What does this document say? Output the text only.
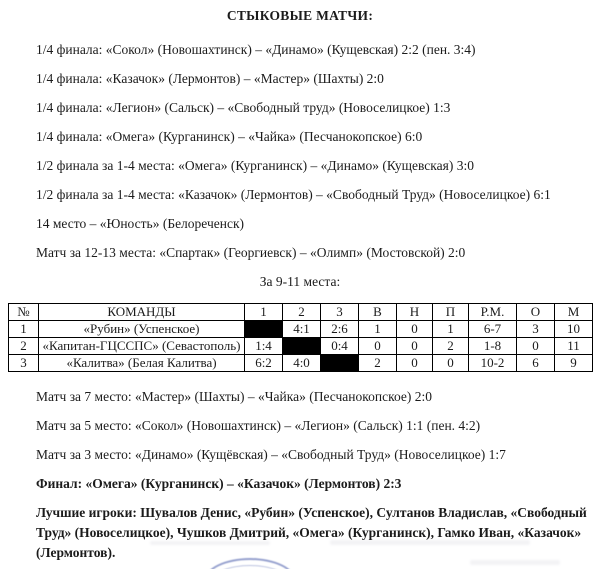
СТЫКОВЫЕ МАТЧИ:

1/4 финала: «Сокол» (Новошахтинск) – «Динамо» (Кущевская) 2:2 (пен. 3:4)

1/4 финала: «Казачок» (Лермонтов) – «Мастер» (Шахты) 2:0

1/4 финала: «Легион» (Сальск) – «Свободный труд» (Новоселицкое) 1:3

1/4 финала: «Омега» (Курганинск) – «Чайка» (Песчанокопское) 6:0

1/2 финала за 1-4 места: «Омега» (Курганинск) – «Динамо» (Кущевская) 3:0

1/2 финала за 1-4 места: «Казачок» (Лермонтов) – «Свободный Труд» (Новоселицкое) 6:1

14 место – «Юность» (Белореченск)

Матч за 12-13 места: «Спартак» (Георгиевск) – «Олимп» (Мостовской) 2:0

За 9-11 места:

№	КОМАНДЫ	1	2	3	В	Н	П	Р.М.	О	М
1	«Рубин» (Успенское)		4:1	2:6	1	0	1	6-7	3	10
2	«Капитан-ГЦССПС» (Севастополь)	1:4		0:4	0	0	2	1-8	0	11
3	«Калитва» (Белая Калитва)	6:2	4:0		2	0	0	10-2	6	9

Матч за 7 место: «Мастер» (Шахты) – «Чайка» (Песчанокопское) 2:0

Матч за 5 место: «Сокол» (Новошахтинск) – «Легион» (Сальск) 1:1 (пен. 4:2)

Матч за 3 место: «Динамо» (Кущёвская) – «Свободный Труд» (Новоселицкое) 1:7

Финал: «Омега» (Курганинск) – «Казачок» (Лермонтов) 2:3

Лучшие игроки: Шувалов Денис, «Рубин» (Успенское), Султанов Владислав, «Свободный
Труд» (Новоселицкое), Чушков Дмитрий, «Омега» (Курганинск), Гамко Иван, «Казачок»
(Лермонтов).
